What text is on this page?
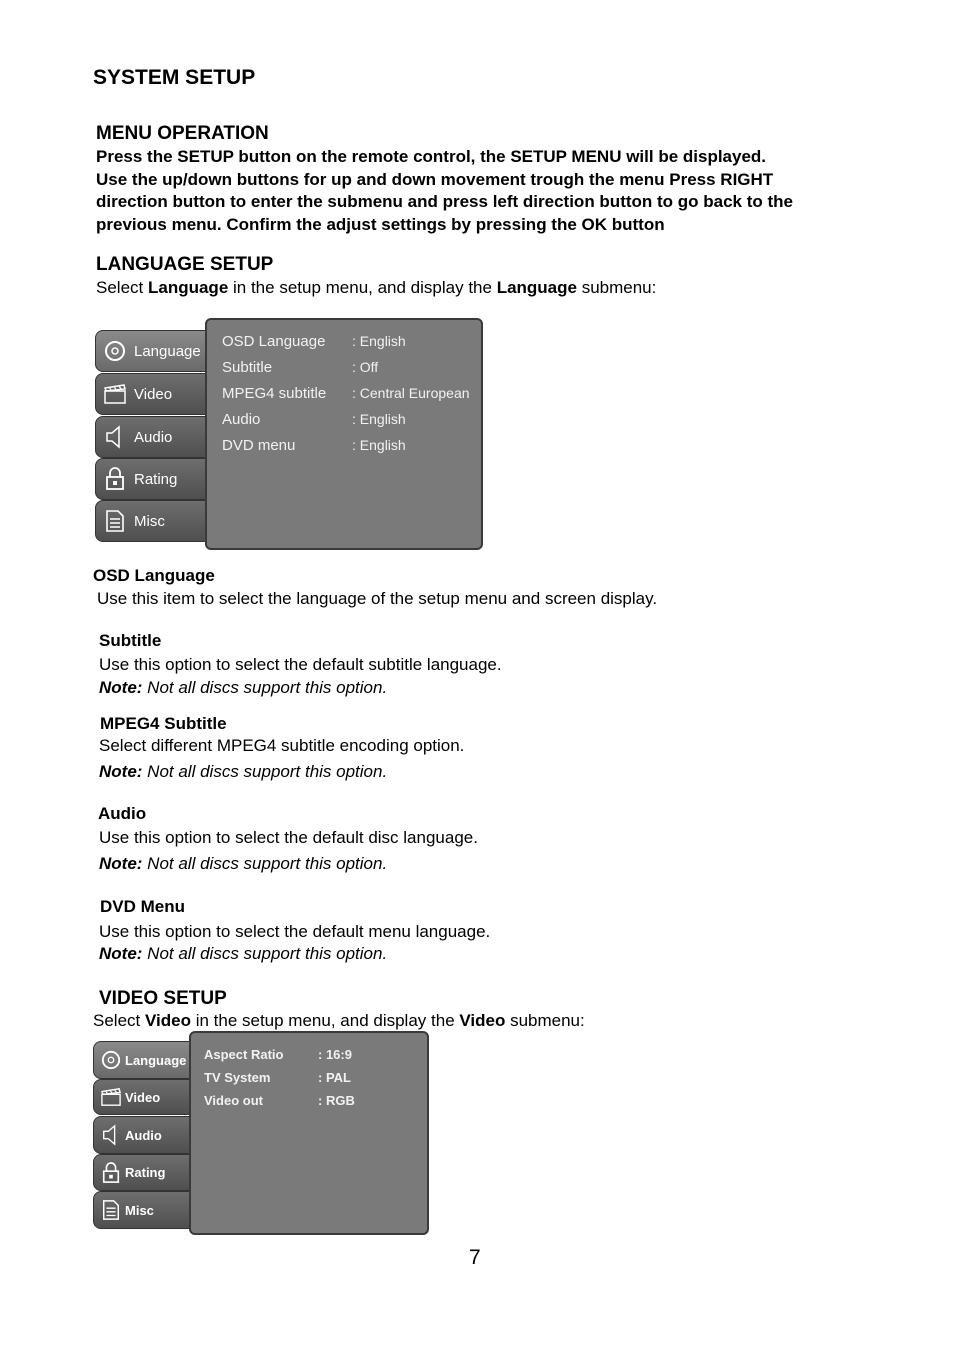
SYSTEM SETUP
MENU OPERATION
Press the SETUP button on the remote control, the SETUP MENU will be displayed.
Use the up/down buttons for up and down movement trough the menu Press RIGHT
direction button to enter the submenu and press left direction button to go back to the
previous menu. Confirm the adjust settings by pressing the OK button
LANGUAGE SETUP
Select Language in the setup menu, and display the Language submenu:
Language
Video
Audio
Rating
Misc
OSD Language : English
Subtitle	: Off
MPEG4 subtitle : Central European
Audio	: English
DVD menu	: English
OSD Language
Use this item to select the language of the setup menu and screen display.
Subtitle
Use this option to select the default subtitle language.
Note: Not all discs support this option.
MPEG4 Subtitle
Select different MPEG4 subtitle encoding option.
Note: Not all discs support this option.
Audio
Use this option to select the default disc language.
Note: Not all discs support this option.
DVD Menu
Use this option to select the default menu language.
Note: Not all discs support this option.
VIDEO SETUP
Select Video in the setup menu, and display the Video submenu:
Language
Video
Audio
Rating
Misc
Aspect Ratio	: 16:9
TV System	: PAL
Video out	: RGB
7
